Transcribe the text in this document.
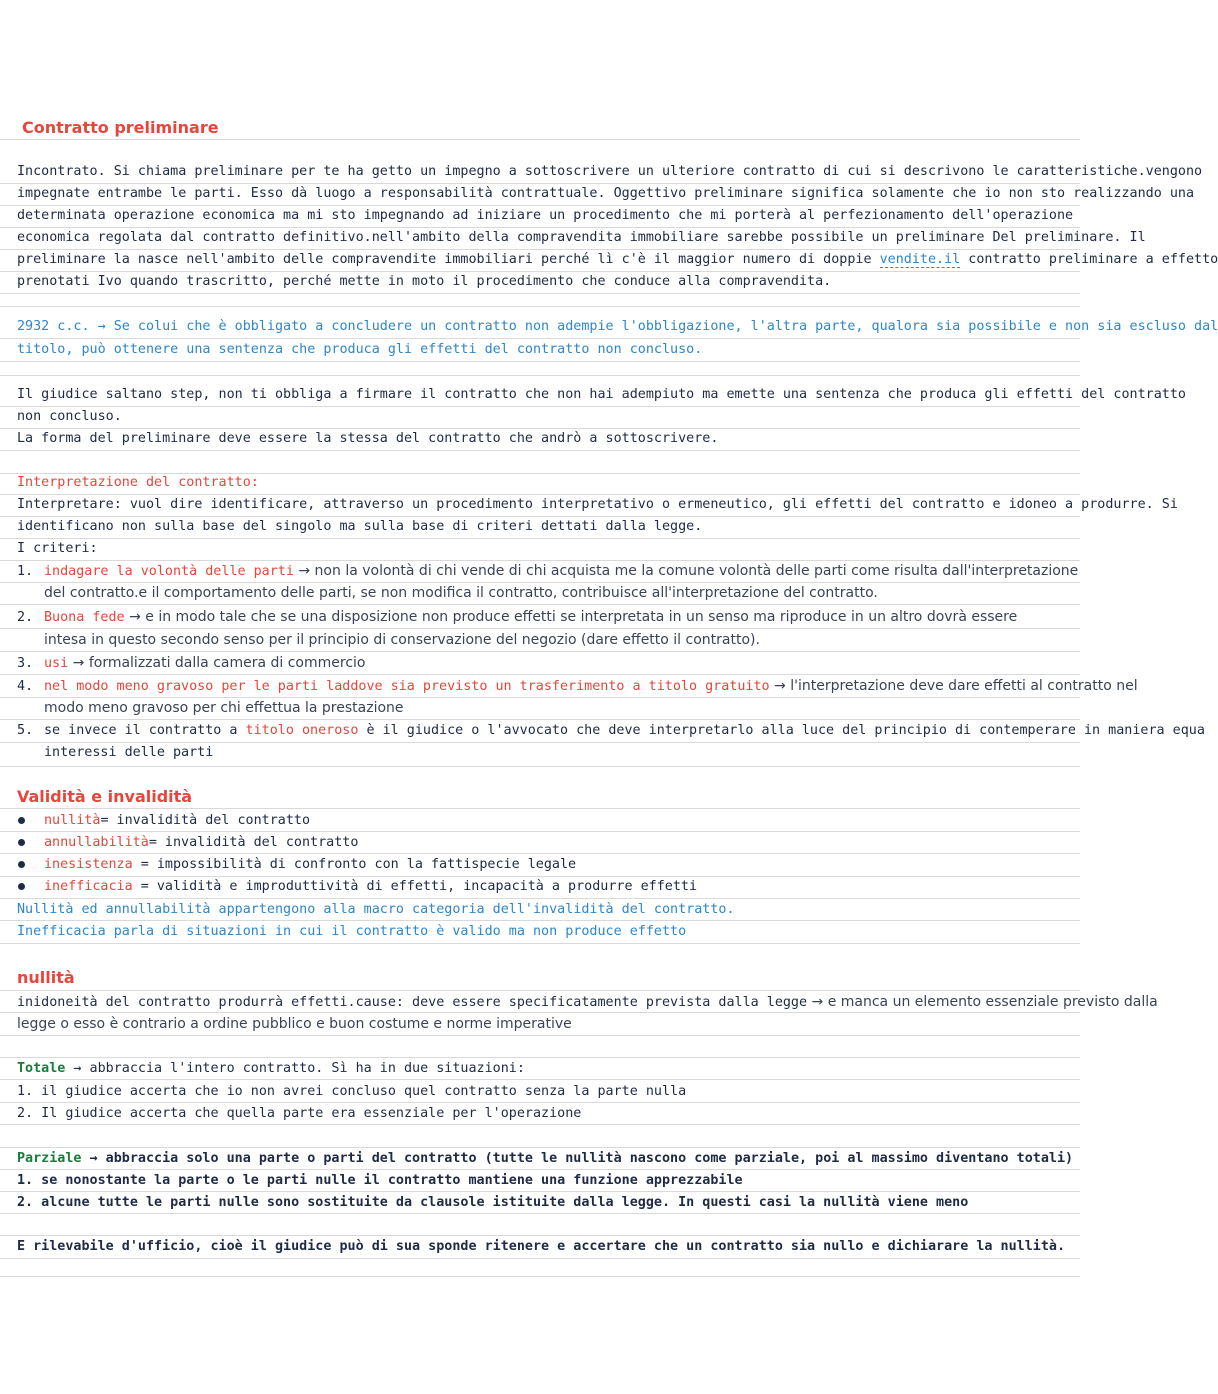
Contratto preliminare
Incontrato. Si chiama preliminare per te ha getto un impegno a sottoscrivere un ulteriore contratto di cui si descrivono le caratteristiche.vengono
impegnate entrambe le parti. Esso dà luogo a responsabilità contrattuale. Oggettivo preliminare significa solamente che io non sto realizzando una
determinata operazione economica ma mi sto impegnando ad iniziare un procedimento che mi porterà al perfezionamento dell'operazione
economica regolata dal contratto definitivo.nell'ambito della compravendita immobiliare sarebbe possibile un preliminare Del preliminare. Il
preliminare la nasce nell'ambito delle compravendite immobiliari perché lì c'è il maggior numero di doppie vendite.il contratto preliminare a effetto
prenotati Ivo quando trascritto, perché mette in moto il procedimento che conduce alla compravendita.
2932 c.c. → Se colui che è obbligato a concludere un contratto non adempie l'obbligazione, l'altra parte, qualora sia possibile e non sia escluso dal
titolo, può ottenere una sentenza che produca gli effetti del contratto non concluso.
Il giudice saltano step, non ti obbliga a firmare il contratto che non hai adempiuto ma emette una sentenza che produca gli effetti del contratto
non concluso.
La forma del preliminare deve essere la stessa del contratto che andrò a sottoscrivere.
Interpretazione del contratto:
Interpretare: vuol dire identificare, attraverso un procedimento interpretativo o ermeneutico, gli effetti del contratto e idoneo a produrre. Si
identificano non sulla base del singolo ma sulla base di criteri dettati dalla legge.
I criteri:
1. indagare la volontà delle parti → non la volontà di chi vende di chi acquista me la comune volontà delle parti come risulta dall'interpretazione
del contratto.e il comportamento delle parti, se non modifica il contratto, contribuisce all'interpretazione del contratto.
2. Buona fede → e in modo tale che se una disposizione non produce effetti se interpretata in un senso ma riproduce in un altro dovrà essere
intesa in questo secondo senso per il principio di conservazione del negozio (dare effetto il contratto).
3. usi → formalizzati dalla camera di commercio
4. nel modo meno gravoso per le parti laddove sia previsto un trasferimento a titolo gratuito → l'interpretazione deve dare effetti al contratto nel
modo meno gravoso per chi effettua la prestazione
5. se invece il contratto a titolo oneroso è il giudice o l'avvocato che deve interpretarlo alla luce del principio di contemperare in maniera equa
interessi delle parti
Validità e invalidità
nullità= invalidità del contratto
annullabilità= invalidità del contratto
inesistenza = impossibilità di confronto con la fattispecie legale
inefficacia = validità e improduttività di effetti, incapacità a produrre effetti
Nullità ed annullabilità appartengono alla macro categoria dell'invalidità del contratto.
Inefficacia parla di situazioni in cui il contratto è valido ma non produce effetto
nullità
inidoneità del contratto produrrà effetti.cause: deve essere specificatamente prevista dalla legge → e manca un elemento essenziale previsto dalla
legge o esso è contrario a ordine pubblico e buon costume e norme imperative
Totale → abbraccia l'intero contratto. Sì ha in due situazioni:
1. il giudice accerta che io non avrei concluso quel contratto senza la parte nulla
2. Il giudice accerta che quella parte era essenziale per l'operazione
Parziale → abbraccia solo una parte o parti del contratto (tutte le nullità nascono come parziale, poi al massimo diventano totali)
1. se nonostante la parte o le parti nulle il contratto mantiene una funzione apprezzabile
2. alcune tutte le parti nulle sono sostituite da clausole istituite dalla legge. In questi casi la nullità viene meno
E rilevabile d'ufficio, cioè il giudice può di sua sponde ritenere e accertare che un contratto sia nullo e dichiarare la nullità.
